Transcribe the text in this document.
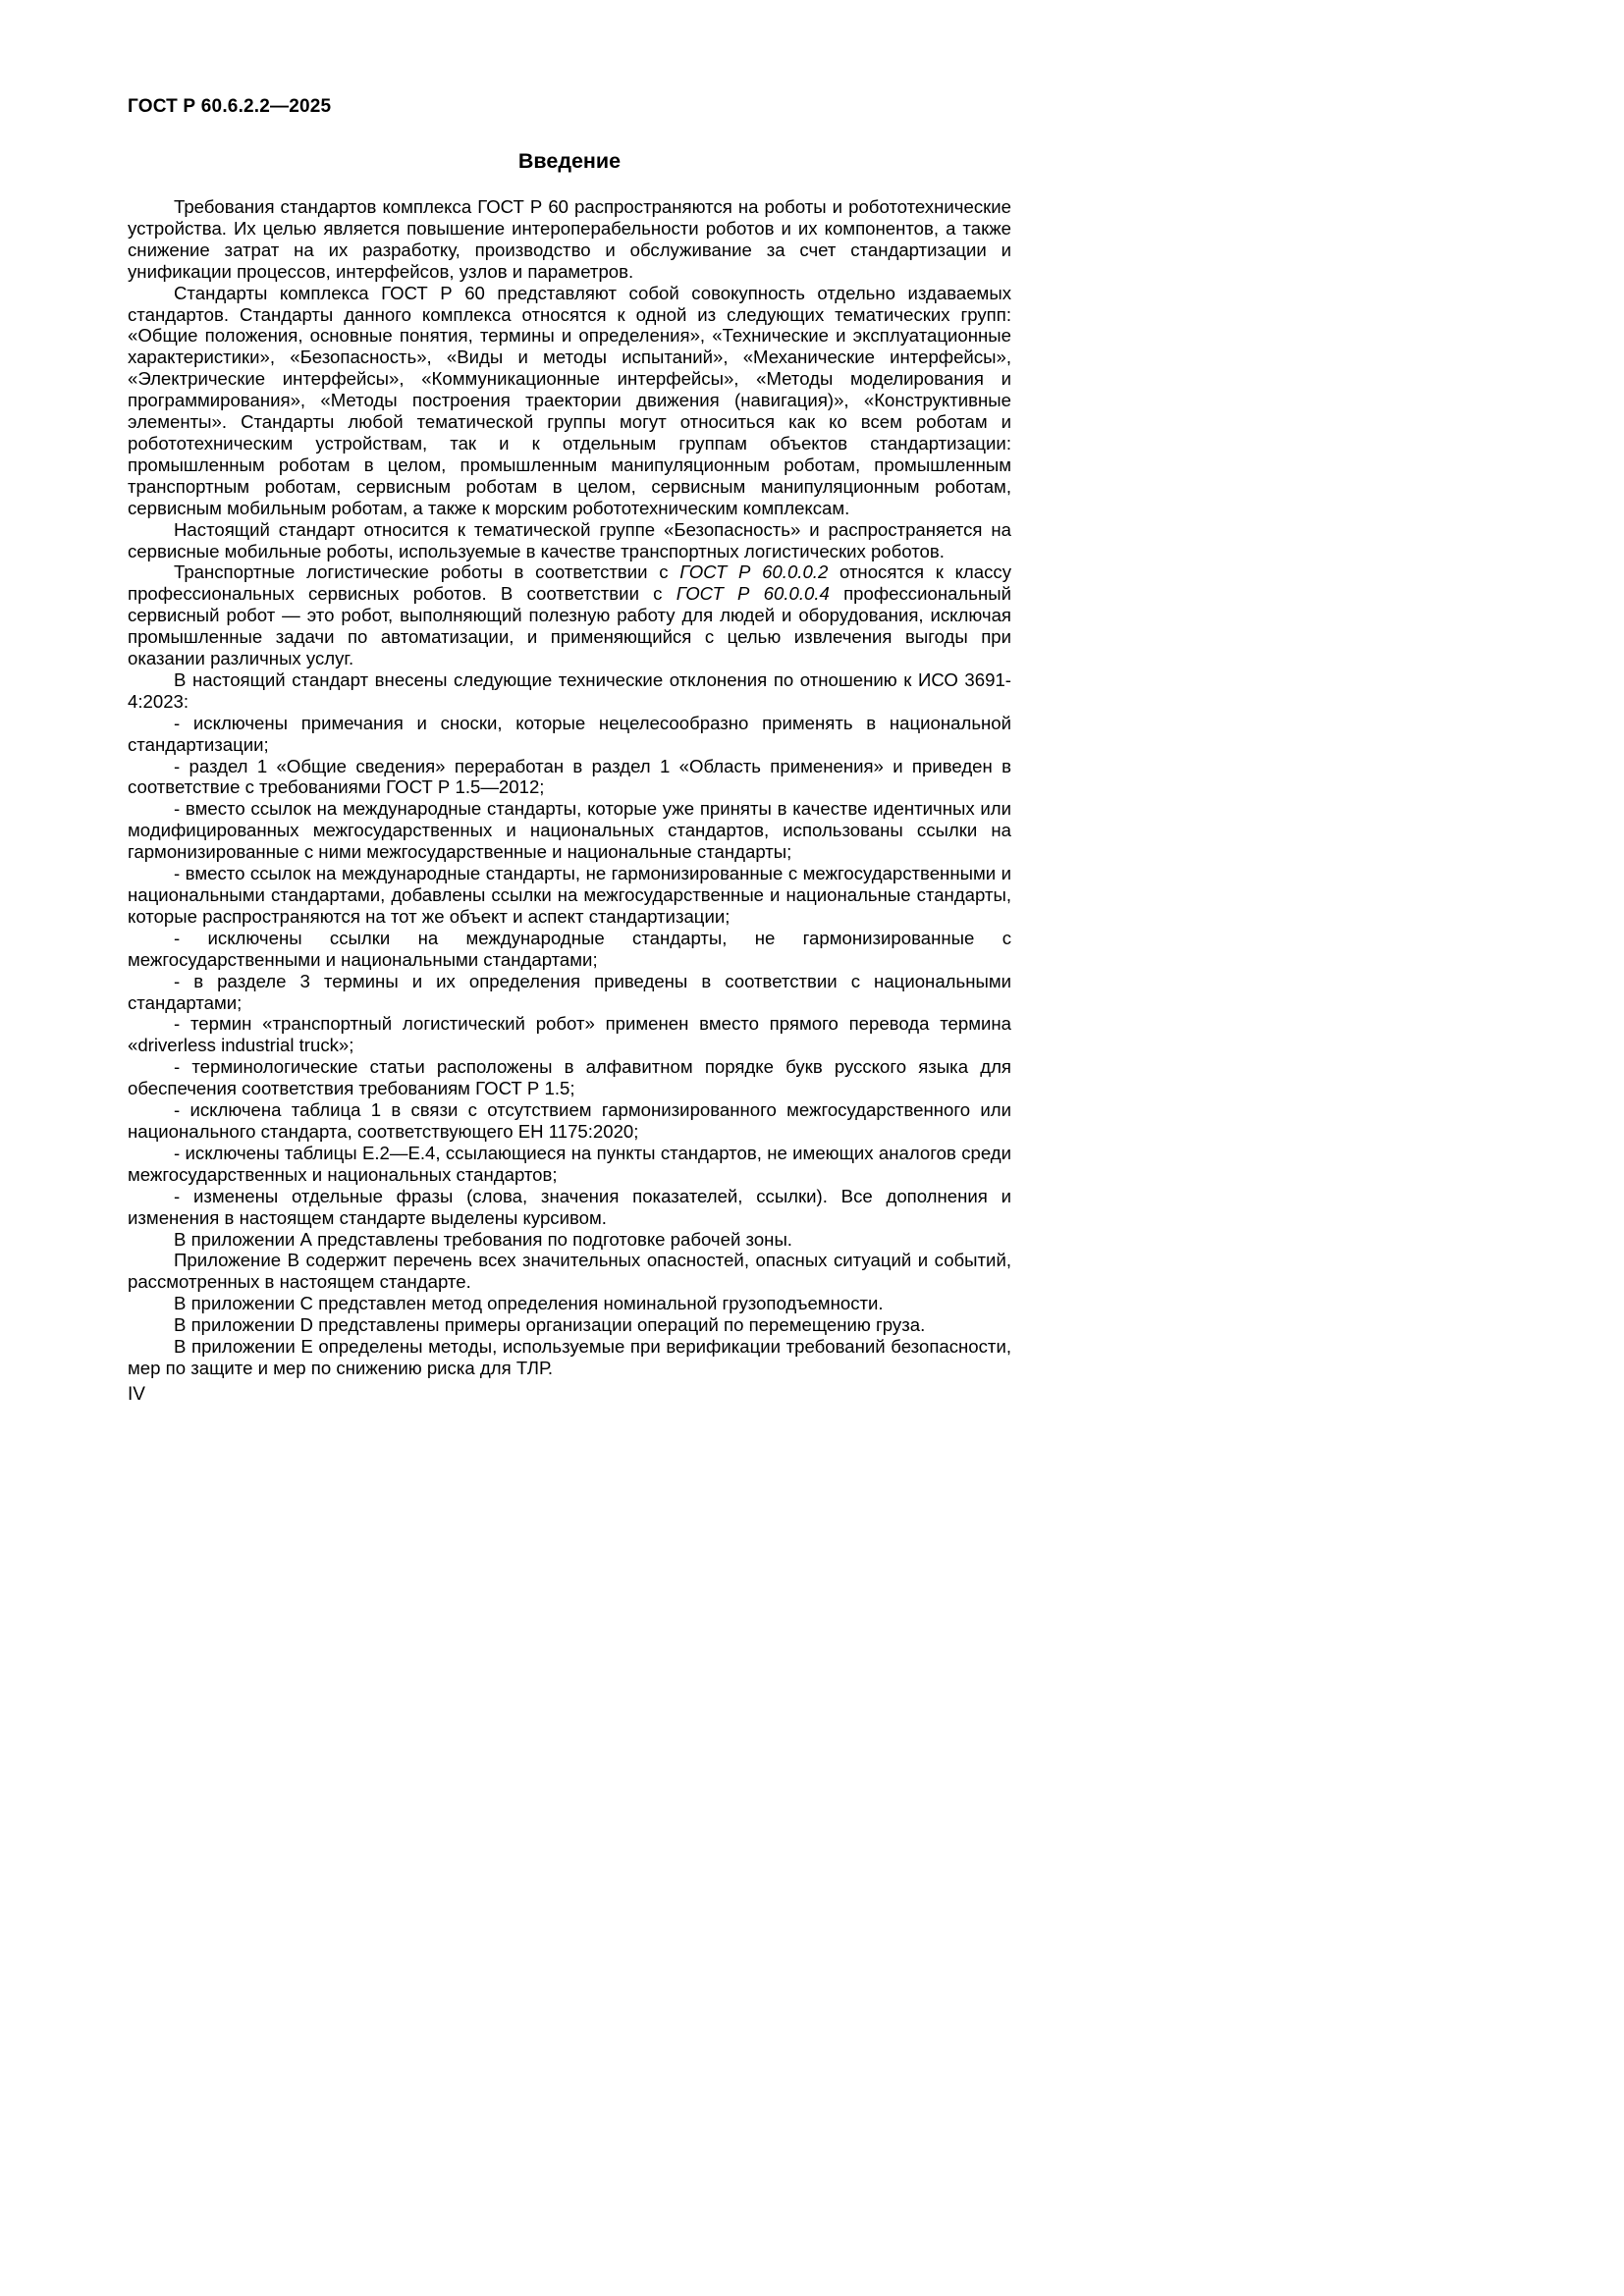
ГОСТ Р 60.6.2.2—2025
Введение

Требования стандартов комплекса ГОСТ Р 60 распространяются на роботы и робототехнические устройства. Их целью является повышение интероперабельности роботов и их компонентов, а также снижение затрат на их разработку, производство и обслуживание за счет стандартизации и унификации процессов, интерфейсов, узлов и параметров.

Стандарты комплекса ГОСТ Р 60 представляют собой совокупность отдельно издаваемых стандартов. Стандарты данного комплекса относятся к одной из следующих тематических групп: «Общие положения, основные понятия, термины и определения», «Технические и эксплуатационные характеристики», «Безопасность», «Виды и методы испытаний», «Механические интерфейсы», «Электрические интерфейсы», «Коммуникационные интерфейсы», «Методы моделирования и программирования», «Методы построения траектории движения (навигация)», «Конструктивные элементы». Стандарты любой тематической группы могут относиться как ко всем роботам и робототехническим устройствам, так и к отдельным группам объектов стандартизации: промышленным роботам в целом, промышленным манипуляционным роботам, промышленным транспортным роботам, сервисным роботам в целом, сервисным манипуляционным роботам, сервисным мобильным роботам, а также к морским робототехническим комплексам.

Настоящий стандарт относится к тематической группе «Безопасность» и распространяется на сервисные мобильные роботы, используемые в качестве транспортных логистических роботов.

Транспортные логистические роботы в соответствии с ГОСТ Р 60.0.0.2 относятся к классу профессиональных сервисных роботов. В соответствии с ГОСТ Р 60.0.0.4 профессиональный сервисный робот — это робот, выполняющий полезную работу для людей и оборудования, исключая промышленные задачи по автоматизации, и применяющийся с целью извлечения выгоды при оказании различных услуг.

В настоящий стандарт внесены следующие технические отклонения по отношению к ИСО 3691-4:2023:

- исключены примечания и сноски, которые нецелесообразно применять в национальной стандартизации;

- раздел 1 «Общие сведения» переработан в раздел 1 «Область применения» и приведен в соответствие с требованиями ГОСТ Р 1.5—2012;

- вместо ссылок на международные стандарты, которые уже приняты в качестве идентичных или модифицированных межгосударственных и национальных стандартов, использованы ссылки на гармонизированные с ними межгосударственные и национальные стандарты;

- вместо ссылок на международные стандарты, не гармонизированные с межгосударственными и национальными стандартами, добавлены ссылки на межгосударственные и национальные стандарты, которые распространяются на тот же объект и аспект стандартизации;

- исключены ссылки на международные стандарты, не гармонизированные с межгосударственными и национальными стандартами;

- в разделе 3 термины и их определения приведены в соответствии с национальными стандартами;

- термин «транспортный логистический робот» применен вместо прямого перевода термина «driverless industrial truck»;

- терминологические статьи расположены в алфавитном порядке букв русского языка для обеспечения соответствия требованиям ГОСТ Р 1.5;

- исключена таблица 1 в связи с отсутствием гармонизированного межгосударственного или национального стандарта, соответствующего ЕН 1175:2020;

- исключены таблицы Е.2—Е.4, ссылающиеся на пункты стандартов, не имеющих аналогов среди межгосударственных и национальных стандартов;

- изменены отдельные фразы (слова, значения показателей, ссылки). Все дополнения и изменения в настоящем стандарте выделены курсивом.

В приложении А представлены требования по подготовке рабочей зоны.

Приложение В содержит перечень всех значительных опасностей, опасных ситуаций и событий, рассмотренных в настоящем стандарте.

В приложении С представлен метод определения номинальной грузоподъемности.

В приложении D представлены примеры организации операций по перемещению груза.

В приложении Е определены методы, используемые при верификации требований безопасности, мер по защите и мер по снижению риска для ТЛР.

IV
